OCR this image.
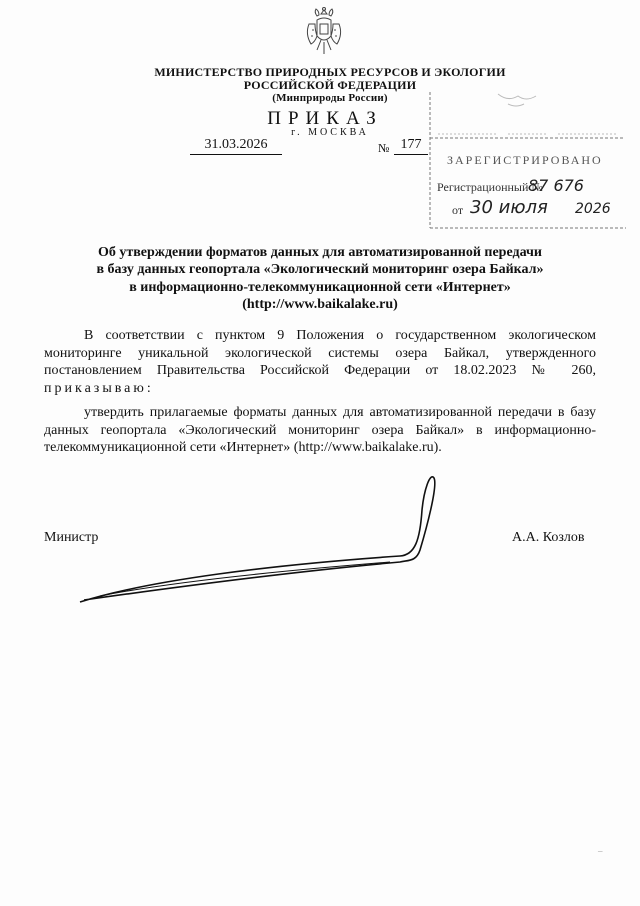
МИНИСТЕРСТВО ПРИРОДНЫХ РЕСУРСОВ И ЭКОЛОГИИ
РОССИЙСКОЙ ФЕДЕРАЦИИ
(Минприроды России)
ПРИКАЗ
г. МОСКВА
31.03.2026	№ 177
ЗАРЕГИСТРИРОВАНО
Регистрационный №
от
87 676
30 июля 2026
Об утверждении форматов данных для автоматизированной передачи
в базу данных геопортала «Экологический мониторинг озера Байкал»
в информационно-телекоммуникационной сети «Интернет»
(http://www.baikalake.ru)
В соответствии с пунктом 9 Положения о государственном экологическом мониторинге уникальной экологической системы озера Байкал, утвержденного постановлением Правительства Российской Федерации от 18.02.2023 № 260, приказываю:
утвердить прилагаемые форматы данных для автоматизированной передачи в базу данных геопортала «Экологический мониторинг озера Байкал» в информационно-телекоммуникационной сети «Интернет» (http://www.baikalake.ru).
Министр	А.А. Козлов
–
